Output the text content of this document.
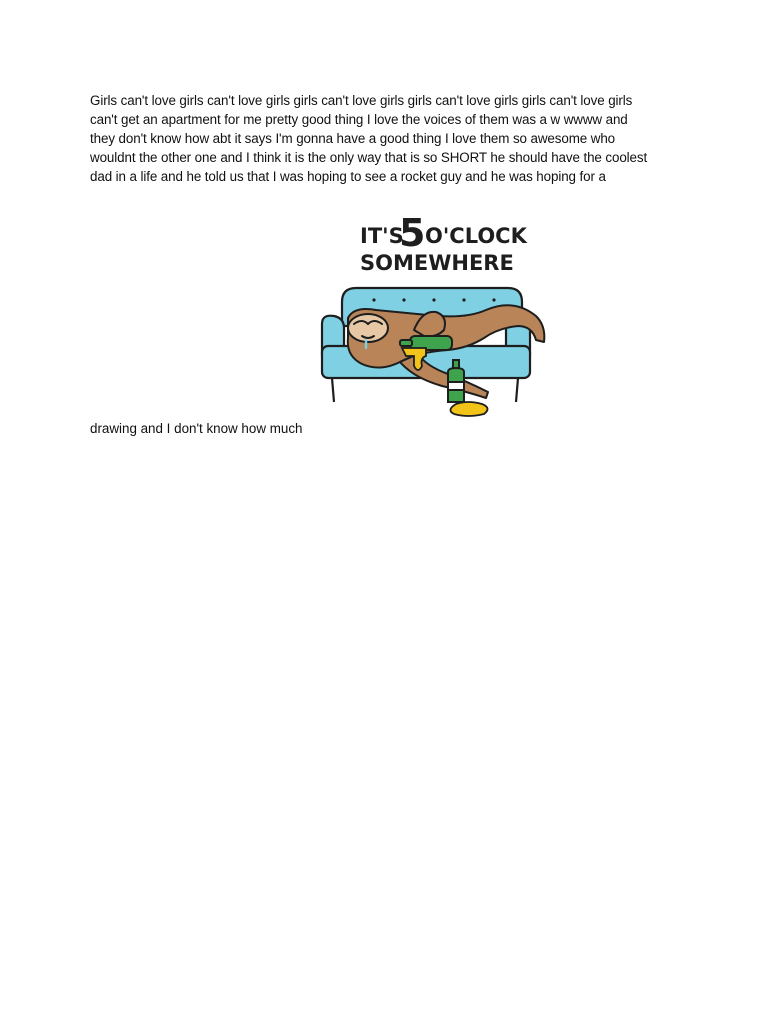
Girls can't love girls can't love girls girls can't love girls girls can't love girls girls can't love girls
can't get an apartment for me pretty good thing I love the voices of them was a w wwww and
they don't know how abt it says I'm gonna have a good thing I love them so awesome who
wouldnt the other one and I think it is the only way that is so SHORT he should have the coolest
dad in a life and he told us that I was hoping to see a rocket guy and he was hoping for a

IT'S
5 O'CLOCK
SOMEWHERE

drawing and I don't know how much
